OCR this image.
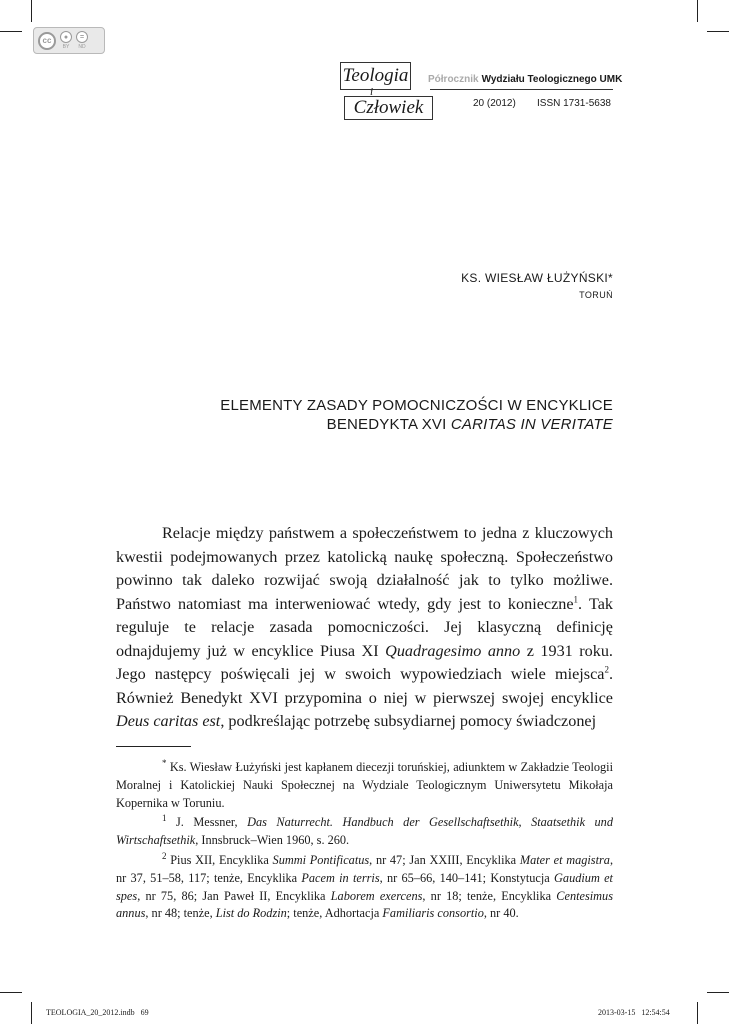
cc	●
BY
=
ND
Teologia
i
Człowiek
Półrocznik Wydziału Teologicznego UMK
20 (2012) ISSN 1731-5638
KS. WIESŁAW ŁUŻYŃSKI*
TORUŃ
ELEMENTY ZASADY POMOCNICZOŚCI W ENCYKLICE
BENEDYKTA XVI CARITAS IN VERITATE
Relacje między państwem a społeczeństwem to jedna z kluczowych kwestii podejmowanych przez katolicką naukę społeczną. Społeczeństwo powinno tak daleko rozwijać swoją działalność jak to tylko możliwe. Państwo natomiast ma interweniować wtedy, gdy jest to konieczne$^1$. Tak reguluje te relacje zasada pomocniczości. Jej klasyczną definicję odnajdujemy już w encyklice Piusa XI Quadragesimo anno z 1931 roku. Jego następcy poświęcali jej w swoich wypowiedziach wiele miejsca$^2$. Również Benedykt XVI przypomina o niej w pierwszej swojej encyklice Deus caritas est, podkreślając potrzebę subsydiarnej pomocy świadczonej

* Ks. Wiesław Łużyński jest kapłanem diecezji toruńskiej, adiunktem w Zakładzie Teologii Moralnej i Katolickiej Nauki Społecznej na Wydziale Teologicznym Uniwersytetu Mikołaja Kopernika w Toruniu.

$^1$ J. Messner, Das Naturrecht. Handbuch der Gesellschaftsethik, Staatsethik und Wirtschaftsethik, Innsbruck–Wien 1960, s. 260.

$^2$ Pius XII, Encyklika Summi Pontificatus, nr 47; Jan XXIII, Encyklika Mater et magistra, nr 37, 51–58, 117; tenże, Encyklika Pacem in terris, nr 65–66, 140–141; Konstytucja Gaudium et spes, nr 75, 86; Jan Paweł II, Encyklika Laborem exercens, nr 18; tenże, Encyklika Centesimus annus, nr 48; tenże, List do Rodzin; tenże, Adhortacja Familiaris consortio, nr 40.

TEOLOGIA_20_2012.indb   69	2013-03-15   12:54:54
